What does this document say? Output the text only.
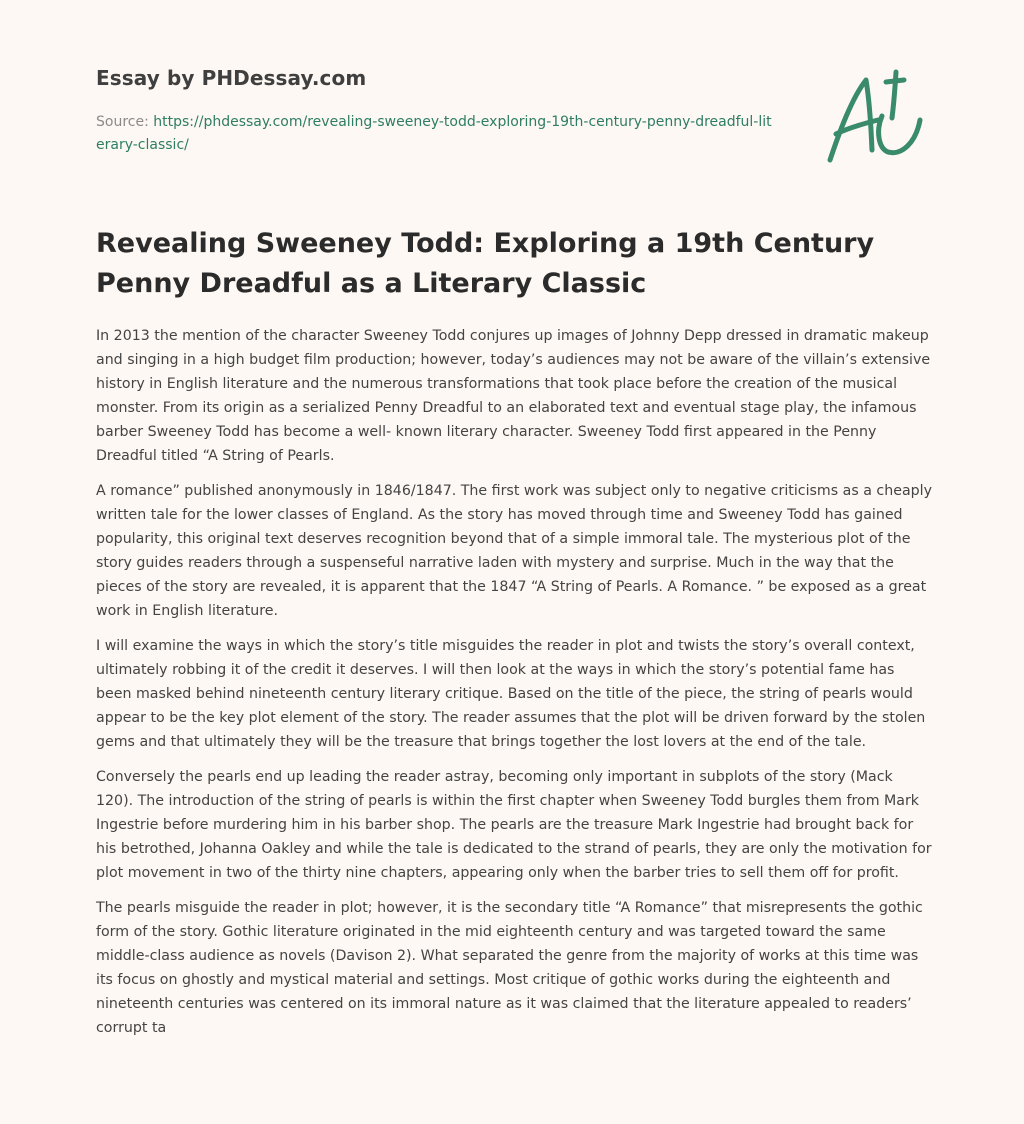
Essay by PHDessay.com
Source: https://phdessay.com/revealing-sweeney-todd-exploring-19th-century-penny-dreadful-literary-classic/
Revealing Sweeney Todd: Exploring a 19th Century Penny Dreadful as a Literary Classic

In 2013 the mention of the character Sweeney Todd conjures up images of Johnny Depp dressed in dramatic makeup and singing in a high budget film production; however, today’s audiences may not be aware of the villain’s extensive history in English literature and the numerous transformations that took place before the creation of the musical monster. From its origin as a serialized Penny Dreadful to an elaborated text and eventual stage play, the infamous barber Sweeney Todd has become a well- known literary character. Sweeney Todd first appeared in the Penny Dreadful titled “A String of Pearls.

A romance” published anonymously in 1846/1847. The first work was subject only to negative criticisms as a cheaply written tale for the lower classes of England. As the story has moved through time and Sweeney Todd has gained popularity, this original text deserves recognition beyond that of a simple immoral tale. The mysterious plot of the story guides readers through a suspenseful narrative laden with mystery and surprise. Much in the way that the pieces of the story are revealed, it is apparent that the 1847 “A String of Pearls. A Romance. ” be exposed as a great work in English literature.

I will examine the ways in which the story’s title misguides the reader in plot and twists the story’s overall context, ultimately robbing it of the credit it deserves. I will then look at the ways in which the story’s potential fame has been masked behind nineteenth century literary critique. Based on the title of the piece, the string of pearls would appear to be the key plot element of the story. The reader assumes that the plot will be driven forward by the stolen gems and that ultimately they will be the treasure that brings together the lost lovers at the end of the tale.

Conversely the pearls end up leading the reader astray, becoming only important in subplots of the story (Mack 120). The introduction of the string of pearls is within the first chapter when Sweeney Todd burgles them from Mark Ingestrie before murdering him in his barber shop. The pearls are the treasure Mark Ingestrie had brought back for his betrothed, Johanna Oakley and while the tale is dedicated to the strand of pearls, they are only the motivation for plot movement in two of the thirty nine chapters, appearing only when the barber tries to sell them off for profit.

The pearls misguide the reader in plot; however, it is the secondary title “A Romance” that misrepresents the gothic form of the story. Gothic literature originated in the mid eighteenth century and was targeted toward the same middle-class audience as novels (Davison 2). What separated the genre from the majority of works at this time was its focus on ghostly and mystical material and settings. Most critique of gothic works during the eighteenth and nineteenth centuries was centered on its immoral nature as it was claimed that the literature appealed to readers’ corrupt ta
